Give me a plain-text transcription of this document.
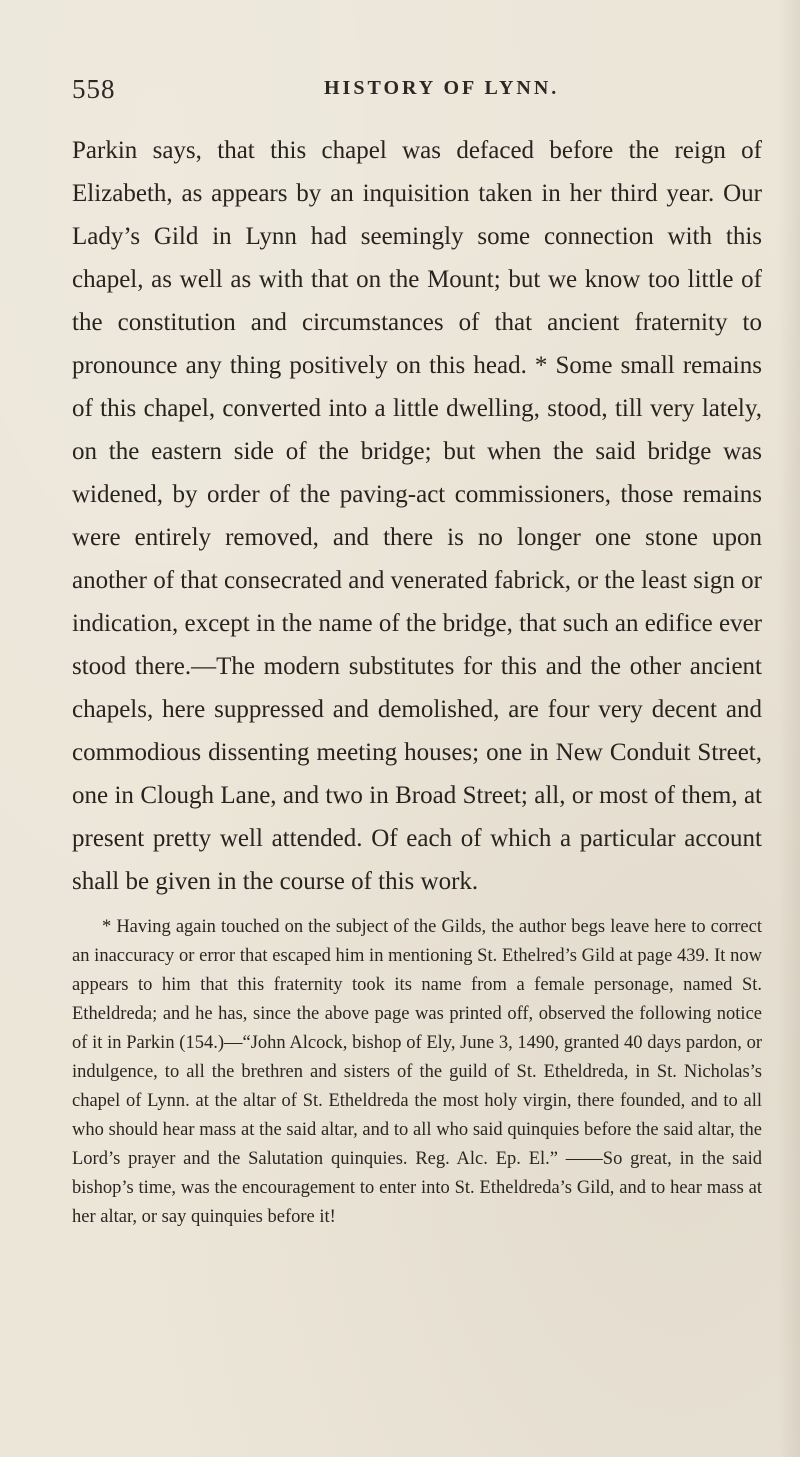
558	HISTORY OF LYNN.

Parkin says, that this chapel was defaced before the reign of Elizabeth, as appears by an inquisition taken in her third year. Our Lady’s Gild in Lynn had seemingly some connection with this chapel, as well as with that on the Mount; but we know too little of the constitution and circumstances of that ancient fraternity to pronounce any thing positively on this head. * Some small remains of this chapel, converted into a little dwelling, stood, till very lately, on the eastern side of the bridge; but when the said bridge was widened, by order of the paving-act commissioners, those remains were entirely removed, and there is no longer one stone upon another of that consecrated and venerated fabrick, or the least sign or indication, except in the name of the bridge, that such an edifice ever stood there.—The modern substitutes for this and the other ancient chapels, here suppressed and demolished, are four very decent and commodious dissenting meeting houses; one in New Conduit Street, one in Clough Lane, and two in Broad Street; all, or most of them, at present pretty well attended. Of each of which a particular account shall be given in the course of this work.

* Having again touched on the subject of the Gilds, the author begs leave here to correct an inaccuracy or error that escaped him in mentioning St. Ethelred’s Gild at page 439. It now appears to him that this fraternity took its name from a female personage, named St. Etheldreda; and he has, since the above page was printed off, observed the following notice of it in Parkin (154.)—“John Alcock, bishop of Ely, June 3, 1490, granted 40 days pardon, or indulgence, to all the brethren and sisters of the guild of St. Etheldreda, in St. Nicholas’s chapel of Lynn. at the altar of St. Etheldreda the most holy virgin, there founded, and to all who should hear mass at the said altar, and to all who said quinquies before the said altar, the Lord’s prayer and the Salutation quinquies. Reg. Alc. Ep. El.” ——So great, in the said bishop’s time, was the encouragement to enter into St. Etheldreda’s Gild, and to hear mass at her altar, or say quinquies before it!
